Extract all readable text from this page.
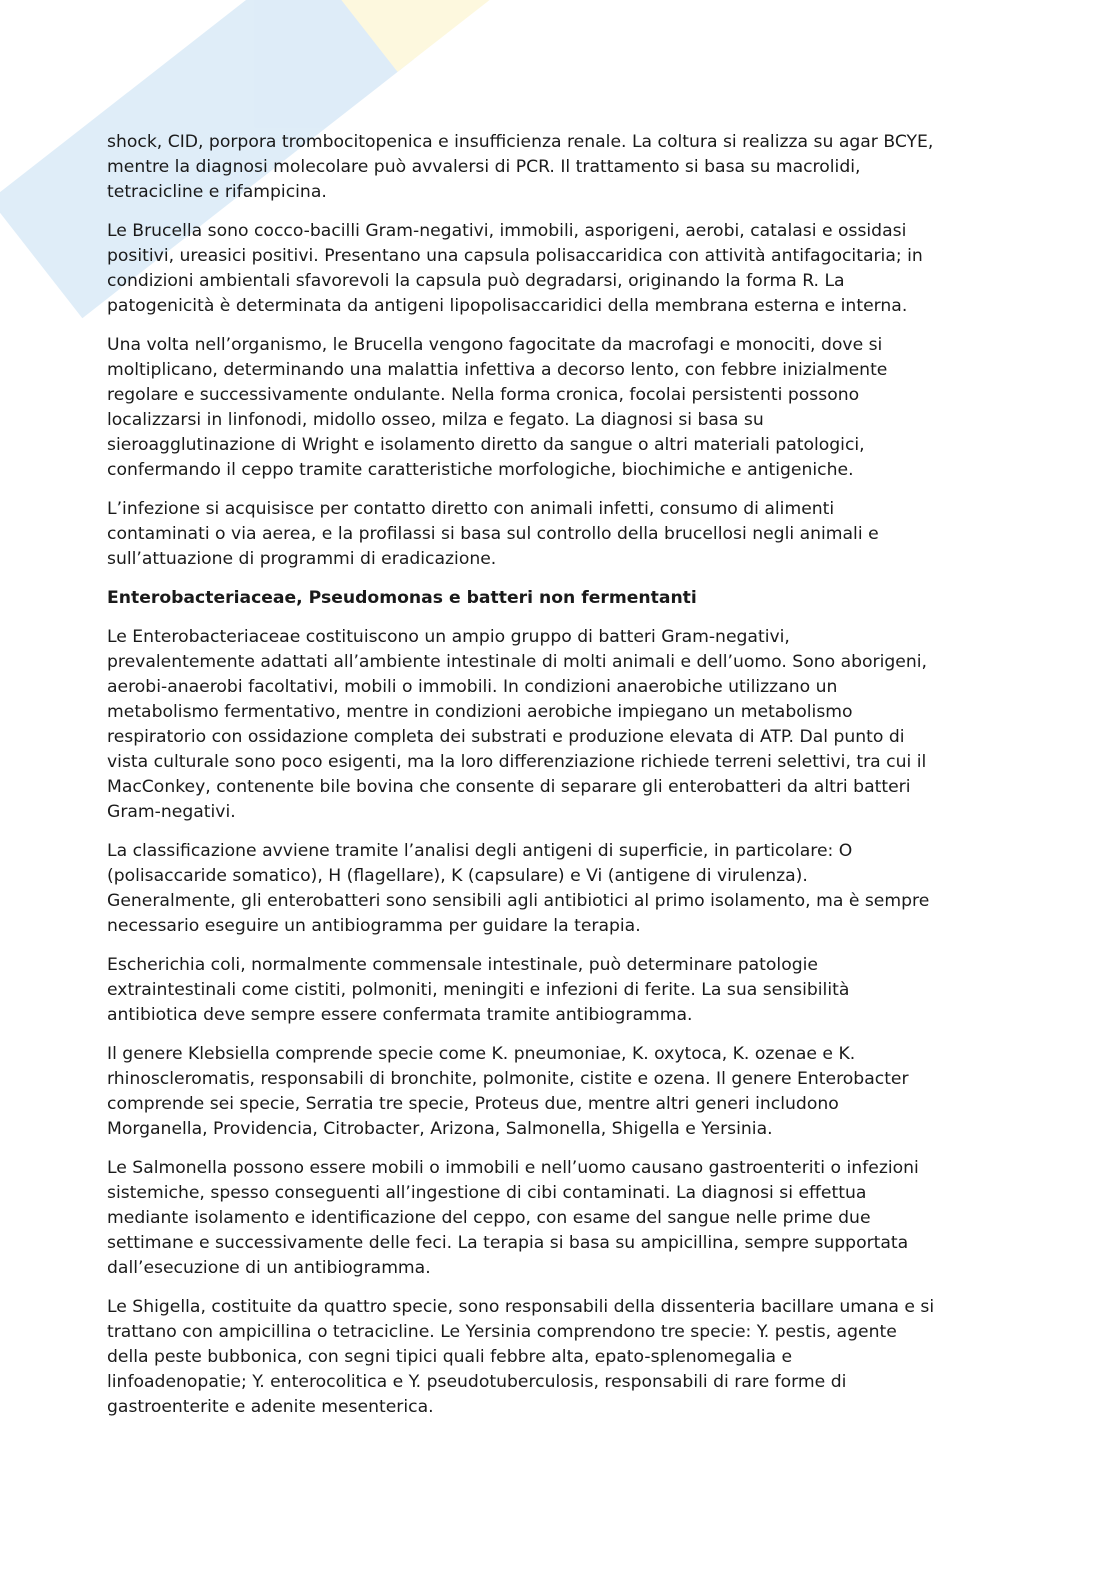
shock, CID, porpora trombocitopenica e insufficienza renale. La coltura si realizza su agar BCYE,
mentre la diagnosi molecolare può avvalersi di PCR. Il trattamento si basa su macrolidi,
tetracicline e rifampicina.

Le Brucella sono cocco-bacilli Gram-negativi, immobili, asporigeni, aerobi, catalasi e ossidasi
positivi, ureasici positivi. Presentano una capsula polisaccaridica con attività antifagocitaria; in
condizioni ambientali sfavorevoli la capsula può degradarsi, originando la forma R. La
patogenicità è determinata da antigeni lipopolisaccaridici della membrana esterna e interna.

Una volta nell’organismo, le Brucella vengono fagocitate da macrofagi e monociti, dove si
moltiplicano, determinando una malattia infettiva a decorso lento, con febbre inizialmente
regolare e successivamente ondulante. Nella forma cronica, focolai persistenti possono
localizzarsi in linfonodi, midollo osseo, milza e fegato. La diagnosi si basa su
sieroagglutinazione di Wright e isolamento diretto da sangue o altri materiali patologici,
confermando il ceppo tramite caratteristiche morfologiche, biochimiche e antigeniche.

L’infezione si acquisisce per contatto diretto con animali infetti, consumo di alimenti
contaminati o via aerea, e la profilassi si basa sul controllo della brucellosi negli animali e
sull’attuazione di programmi di eradicazione.

Enterobacteriaceae, Pseudomonas e batteri non fermentanti

Le Enterobacteriaceae costituiscono un ampio gruppo di batteri Gram-negativi,
prevalentemente adattati all’ambiente intestinale di molti animali e dell’uomo. Sono aborigeni,
aerobi-anaerobi facoltativi, mobili o immobili. In condizioni anaerobiche utilizzano un
metabolismo fermentativo, mentre in condizioni aerobiche impiegano un metabolismo
respiratorio con ossidazione completa dei substrati e produzione elevata di ATP. Dal punto di
vista culturale sono poco esigenti, ma la loro differenziazione richiede terreni selettivi, tra cui il
MacConkey, contenente bile bovina che consente di separare gli enterobatteri da altri batteri
Gram-negativi.

La classificazione avviene tramite l’analisi degli antigeni di superficie, in particolare: O
(polisaccaride somatico), H (flagellare), K (capsulare) e Vi (antigene di virulenza).
Generalmente, gli enterobatteri sono sensibili agli antibiotici al primo isolamento, ma è sempre
necessario eseguire un antibiogramma per guidare la terapia.

Escherichia coli, normalmente commensale intestinale, può determinare patologie
extraintestinali come cistiti, polmoniti, meningiti e infezioni di ferite. La sua sensibilità
antibiotica deve sempre essere confermata tramite antibiogramma.

Il genere Klebsiella comprende specie come K. pneumoniae, K. oxytoca, K. ozenae e K.
rhinoscleromatis, responsabili di bronchite, polmonite, cistite e ozena. Il genere Enterobacter
comprende sei specie, Serratia tre specie, Proteus due, mentre altri generi includono
Morganella, Providencia, Citrobacter, Arizona, Salmonella, Shigella e Yersinia.

Le Salmonella possono essere mobili o immobili e nell’uomo causano gastroenteriti o infezioni
sistemiche, spesso conseguenti all’ingestione di cibi contaminati. La diagnosi si effettua
mediante isolamento e identificazione del ceppo, con esame del sangue nelle prime due
settimane e successivamente delle feci. La terapia si basa su ampicillina, sempre supportata
dall’esecuzione di un antibiogramma.

Le Shigella, costituite da quattro specie, sono responsabili della dissenteria bacillare umana e si
trattano con ampicillina o tetracicline. Le Yersinia comprendono tre specie: Y. pestis, agente
della peste bubbonica, con segni tipici quali febbre alta, epato-splenomegalia e
linfoadenopatie; Y. enterocolitica e Y. pseudotuberculosis, responsabili di rare forme di
gastroenterite e adenite mesenterica.
